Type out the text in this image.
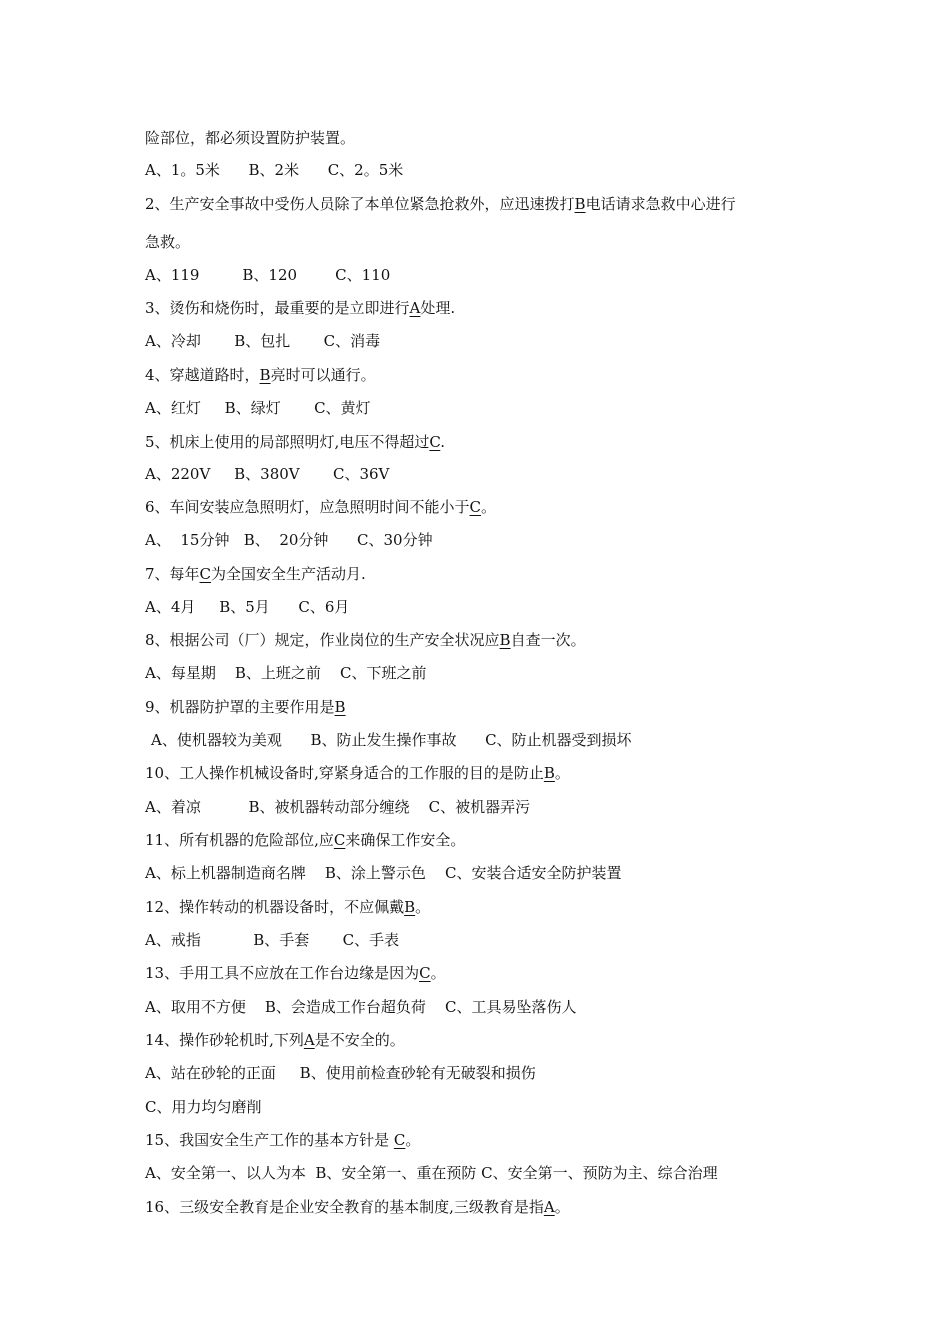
险部位，都必须设置防护装置。
A、1。5米      B、2米      C、2。5米
2、生产安全事故中受伤人员除了本单位紧急抢救外，应迅速拨打B电话请求急救中心进行
急救。
A、119         B、120        C、110
3、烫伤和烧伤时，最重要的是立即进行A处理.
A、冷却       B、包扎       C、消毒
4、穿越道路时，B亮时可以通行。
A、红灯     B、绿灯       C、黄灯
5、机床上使用的局部照明灯,电压不得超过C.
A、220V     B、380V       C、36V
6、车间安装应急照明灯，应急照明时间不能小于C。
A、  15分钟   B、  20分钟      C、30分钟
7、每年C为全国安全生产活动月.
A、4月     B、5月      C、6月
8、根据公司（厂）规定，作业岗位的生产安全状况应B自查一次。
A、每星期    B、上班之前    C、下班之前
9、机器防护罩的主要作用是B
A、使机器较为美观      B、防止发生操作事故      C、防止机器受到损坏
10、工人操作机械设备时,穿紧身适合的工作服的目的是防止B。
A、着凉          B、被机器转动部分缠绕    C、被机器弄污
11、所有机器的危险部位,应C来确保工作安全。
A、标上机器制造商名牌    B、涂上警示色    C、安装合适安全防护装置
12、操作转动的机器设备时，不应佩戴B。
A、戒指           B、手套       C、手表
13、手用工具不应放在工作台边缘是因为C。
A、取用不方便    B、会造成工作台超负荷    C、工具易坠落伤人
14、操作砂轮机时,下列A是不安全的。
A、站在砂轮的正面     B、使用前检查砂轮有无破裂和损伤
C、用力均匀磨削
15、我国安全生产工作的基本方针是 C。
A、安全第一、以人为本  B、安全第一、重在预防 C、安全第一、预防为主、综合治理
16、三级安全教育是企业安全教育的基本制度,三级教育是指A。
